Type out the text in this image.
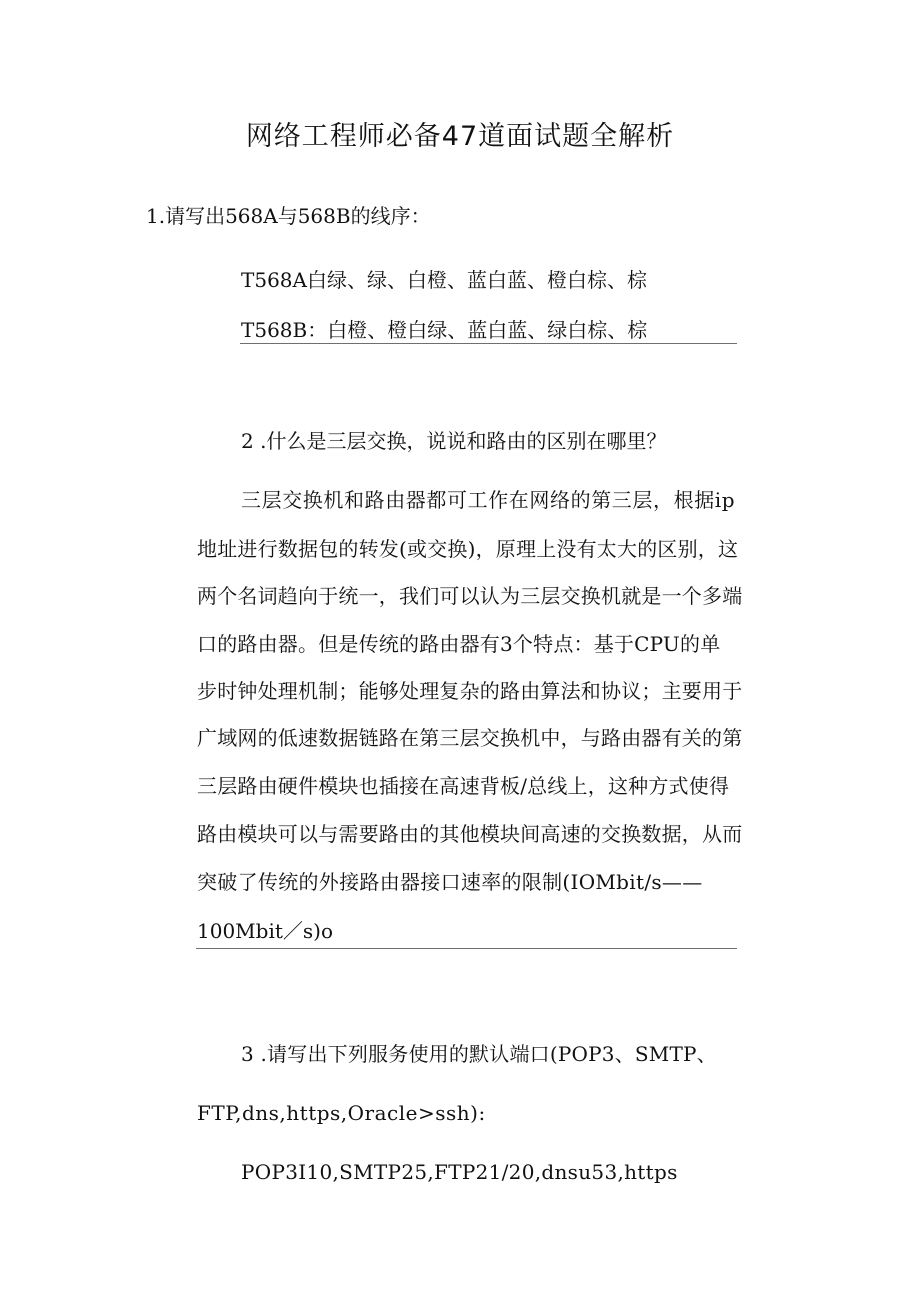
网络工程师必备47道面试题全解析
1.请写出568A与568B的线序：
T568A白绿、绿、白橙、蓝白蓝、橙白棕、棕
T568B：白橙、橙白绿、蓝白蓝、绿白棕、棕
2 .什么是三层交换，说说和路由的区别在哪里？
三层交换机和路由器都可工作在网络的第三层，根据ip
地址进行数据包的转发(或交换)，原理上没有太大的区别，这
两个名词趋向于统一，我们可以认为三层交换机就是一个多端
口的路由器。但是传统的路由器有3个特点：基于CPU的单
步时钟处理机制；能够处理复杂的路由算法和协议；主要用于
广域网的低速数据链路在第三层交换机中，与路由器有关的第
三层路由硬件模块也插接在高速背板/总线上，这种方式使得
路由模块可以与需要路由的其他模块间高速的交换数据，从而
突破了传统的外接路由器接口速率的限制(IOMbit/s——
100Mbit／s)o
3 .请写出下列服务使用的默认端口(POP3、SMTP、
FTP,dns,https,Oracle>ssh):
POP3I10,SMTP25,FTP21/20,dnsu53,https
